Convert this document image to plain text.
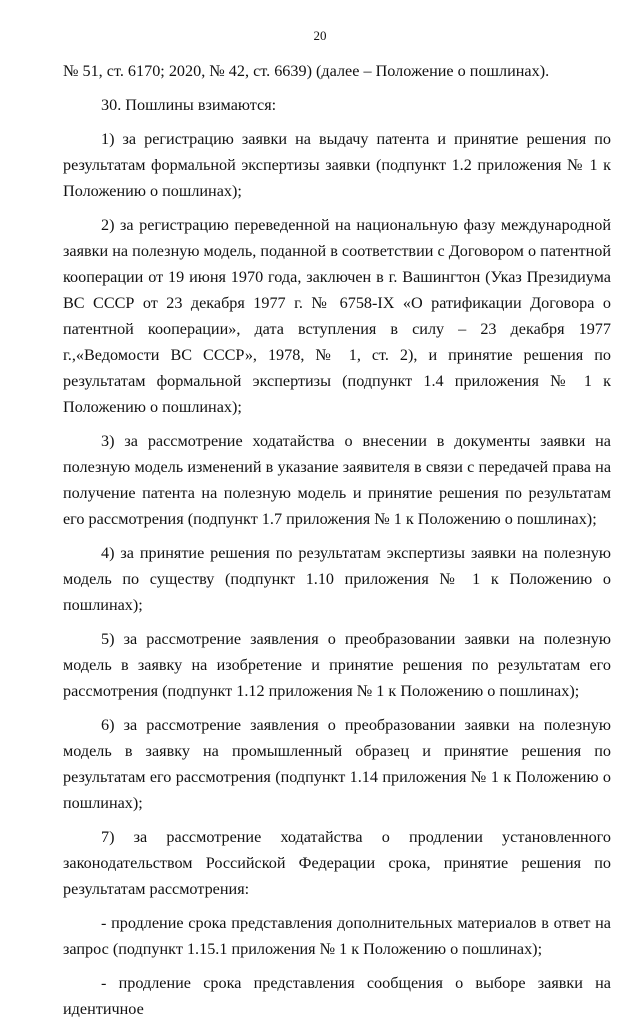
20

№ 51, ст. 6170; 2020, № 42, ст. 6639) (далее – Положение о пошлинах).

30. Пошлины взимаются:

1) за регистрацию заявки на выдачу патента и принятие решения по результатам формальной экспертизы заявки (подпункт 1.2 приложения № 1 к Положению о пошлинах);

2) за регистрацию переведенной на национальную фазу международной заявки на полезную модель, поданной в соответствии с Договором о патентной кооперации от 19 июня 1970 года, заключен в г. Вашингтон (Указ Президиума ВС СССР от 23 декабря 1977 г. № 6758-IX «О ратификации Договора о патентной кооперации», дата вступления в силу – 23 декабря 1977 г.,«Ведомости ВС СССР», 1978, № 1, ст. 2), и принятие решения по результатам формальной экспертизы (подпункт 1.4 приложения № 1 к Положению о пошлинах);

3) за рассмотрение ходатайства о внесении в документы заявки на полезную модель изменений в указание заявителя в связи с передачей права на получение патента на полезную модель и принятие решения по результатам его рассмотрения (подпункт 1.7 приложения № 1 к Положению о пошлинах);

4) за принятие решения по результатам экспертизы заявки на полезную модель по существу (подпункт 1.10 приложения № 1 к Положению о пошлинах);

5) за рассмотрение заявления о преобразовании заявки на полезную модель в заявку на изобретение и принятие решения по результатам его рассмотрения (подпункт 1.12 приложения № 1 к Положению о пошлинах);

6) за рассмотрение заявления о преобразовании заявки на полезную модель в заявку на промышленный образец и принятие решения по результатам его рассмотрения (подпункт 1.14 приложения № 1 к Положению о пошлинах);

7) за рассмотрение ходатайства о продлении установленного законодательством Российской Федерации срока, принятие решения по результатам рассмотрения:

- продление срока представления дополнительных материалов в ответ на запрос (подпункт 1.15.1 приложения № 1 к Положению о пошлинах);

- продление срока представления сообщения о выборе заявки на идентичное
